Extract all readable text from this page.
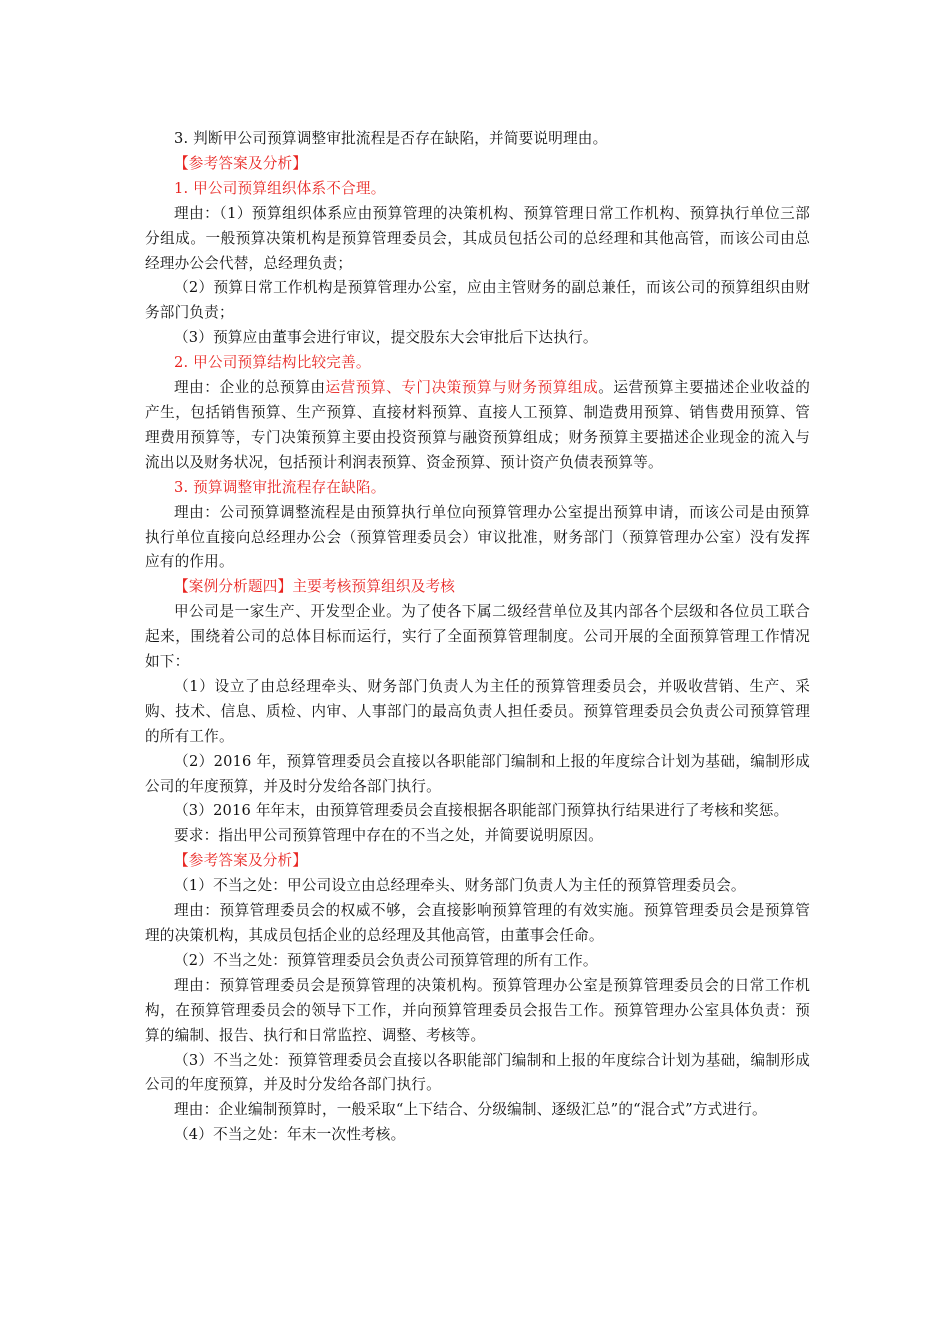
3. 判断甲公司预算调整审批流程是否存在缺陷，并简要说明理由。

【参考答案及分析】

1. 甲公司预算组织体系不合理。

理由：（1）预算组织体系应由预算管理的决策机构、预算管理日常工作机构、预算执行单位三部分组成。一般预算决策机构是预算管理委员会，其成员包括公司的总经理和其他高管，而该公司由总经理办公会代替，总经理负责；

（2）预算日常工作机构是预算管理办公室，应由主管财务的副总兼任，而该公司的预算组织由财务部门负责；

（3）预算应由董事会进行审议，提交股东大会审批后下达执行。

2. 甲公司预算结构比较完善。

理由：企业的总预算由运营预算、专门决策预算与财务预算组成。运营预算主要描述企业收益的产生，包括销售预算、生产预算、直接材料预算、直接人工预算、制造费用预算、销售费用预算、管理费用预算等，专门决策预算主要由投资预算与融资预算组成；财务预算主要描述企业现金的流入与流出以及财务状况，包括预计利润表预算、资金预算、预计资产负债表预算等。

3. 预算调整审批流程存在缺陷。

理由：公司预算调整流程是由预算执行单位向预算管理办公室提出预算申请，而该公司是由预算执行单位直接向总经理办公会（预算管理委员会）审议批准，财务部门（预算管理办公室）没有发挥应有的作用。

【案例分析题四】主要考核预算组织及考核

甲公司是一家生产、开发型企业。为了使各下属二级经营单位及其内部各个层级和各位员工联合起来，围绕着公司的总体目标而运行，实行了全面预算管理制度。公司开展的全面预算管理工作情况如下：

（1）设立了由总经理牵头、财务部门负责人为主任的预算管理委员会，并吸收营销、生产、采购、技术、信息、质检、内审、人事部门的最高负责人担任委员。预算管理委员会负责公司预算管理的所有工作。

（2）2016 年，预算管理委员会直接以各职能部门编制和上报的年度综合计划为基础，编制形成公司的年度预算，并及时分发给各部门执行。

（3）2016 年年末，由预算管理委员会直接根据各职能部门预算执行结果进行了考核和奖惩。

要求：指出甲公司预算管理中存在的不当之处，并简要说明原因。

【参考答案及分析】

（1）不当之处：甲公司设立由总经理牵头、财务部门负责人为主任的预算管理委员会。

理由：预算管理委员会的权威不够，会直接影响预算管理的有效实施。预算管理委员会是预算管理的决策机构，其成员包括企业的总经理及其他高管，由董事会任命。

（2）不当之处：预算管理委员会负责公司预算管理的所有工作。

理由：预算管理委员会是预算管理的决策机构。预算管理办公室是预算管理委员会的日常工作机构，在预算管理委员会的领导下工作，并向预算管理委员会报告工作。预算管理办公室具体负责：预算的编制、报告、执行和日常监控、调整、考核等。

（3）不当之处：预算管理委员会直接以各职能部门编制和上报的年度综合计划为基础，编制形成公司的年度预算，并及时分发给各部门执行。

理由：企业编制预算时，一般采取“上下结合、分级编制、逐级汇总”的“混合式”方式进行。

（4）不当之处：年末一次性考核。
